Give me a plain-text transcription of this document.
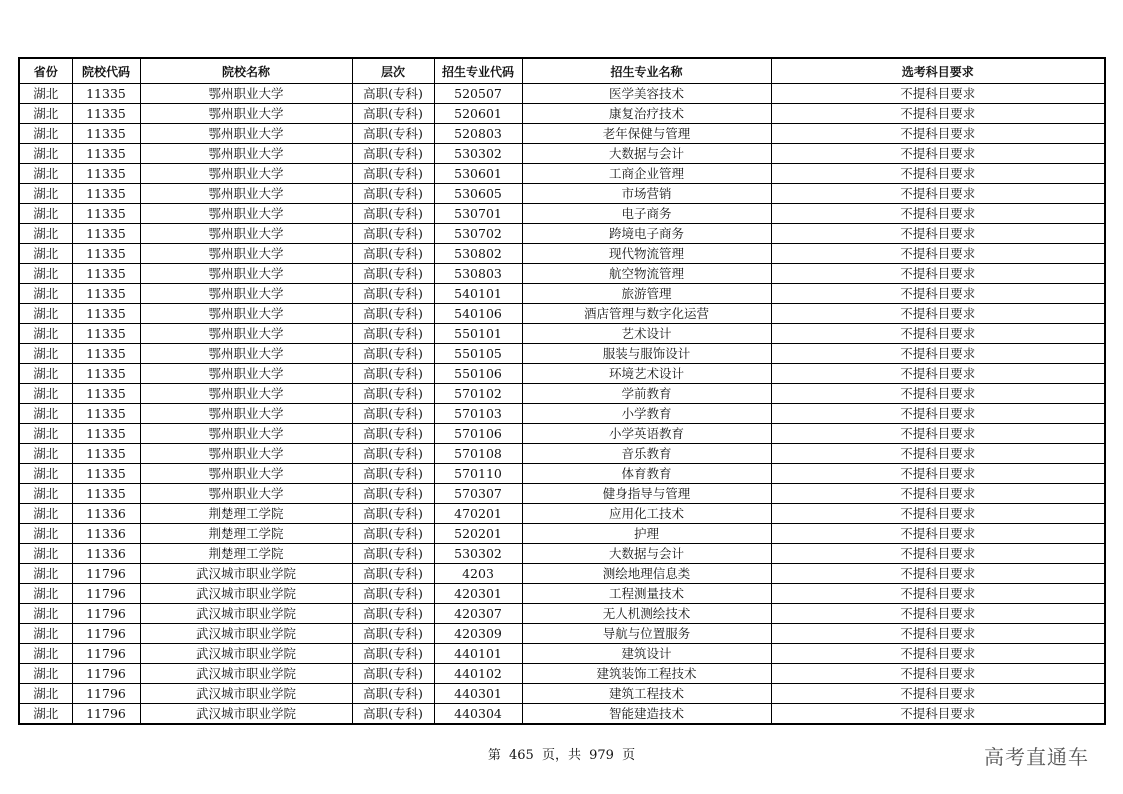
省份	院校代码	院校名称	层次	招生专业代码	招生专业名称	选考科目要求
湖北	11335	鄂州职业大学	高职(专科)	520507	医学美容技术	不提科目要求
湖北	11335	鄂州职业大学	高职(专科)	520601	康复治疗技术	不提科目要求
湖北	11335	鄂州职业大学	高职(专科)	520803	老年保健与管理	不提科目要求
湖北	11335	鄂州职业大学	高职(专科)	530302	大数据与会计	不提科目要求
湖北	11335	鄂州职业大学	高职(专科)	530601	工商企业管理	不提科目要求
湖北	11335	鄂州职业大学	高职(专科)	530605	市场营销	不提科目要求
湖北	11335	鄂州职业大学	高职(专科)	530701	电子商务	不提科目要求
湖北	11335	鄂州职业大学	高职(专科)	530702	跨境电子商务	不提科目要求
湖北	11335	鄂州职业大学	高职(专科)	530802	现代物流管理	不提科目要求
湖北	11335	鄂州职业大学	高职(专科)	530803	航空物流管理	不提科目要求
湖北	11335	鄂州职业大学	高职(专科)	540101	旅游管理	不提科目要求
湖北	11335	鄂州职业大学	高职(专科)	540106	酒店管理与数字化运营	不提科目要求
湖北	11335	鄂州职业大学	高职(专科)	550101	艺术设计	不提科目要求
湖北	11335	鄂州职业大学	高职(专科)	550105	服装与服饰设计	不提科目要求
湖北	11335	鄂州职业大学	高职(专科)	550106	环境艺术设计	不提科目要求
湖北	11335	鄂州职业大学	高职(专科)	570102	学前教育	不提科目要求
湖北	11335	鄂州职业大学	高职(专科)	570103	小学教育	不提科目要求
湖北	11335	鄂州职业大学	高职(专科)	570106	小学英语教育	不提科目要求
湖北	11335	鄂州职业大学	高职(专科)	570108	音乐教育	不提科目要求
湖北	11335	鄂州职业大学	高职(专科)	570110	体育教育	不提科目要求
湖北	11335	鄂州职业大学	高职(专科)	570307	健身指导与管理	不提科目要求
湖北	11336	荆楚理工学院	高职(专科)	470201	应用化工技术	不提科目要求
湖北	11336	荆楚理工学院	高职(专科)	520201	护理	不提科目要求
湖北	11336	荆楚理工学院	高职(专科)	530302	大数据与会计	不提科目要求
湖北	11796	武汉城市职业学院	高职(专科)	4203	测绘地理信息类	不提科目要求
湖北	11796	武汉城市职业学院	高职(专科)	420301	工程测量技术	不提科目要求
湖北	11796	武汉城市职业学院	高职(专科)	420307	无人机测绘技术	不提科目要求
湖北	11796	武汉城市职业学院	高职(专科)	420309	导航与位置服务	不提科目要求
湖北	11796	武汉城市职业学院	高职(专科)	440101	建筑设计	不提科目要求
湖北	11796	武汉城市职业学院	高职(专科)	440102	建筑装饰工程技术	不提科目要求
湖北	11796	武汉城市职业学院	高职(专科)	440301	建筑工程技术	不提科目要求
湖北	11796	武汉城市职业学院	高职(专科)	440304	智能建造技术	不提科目要求
第 465 页，共 979 页	高考直通车
